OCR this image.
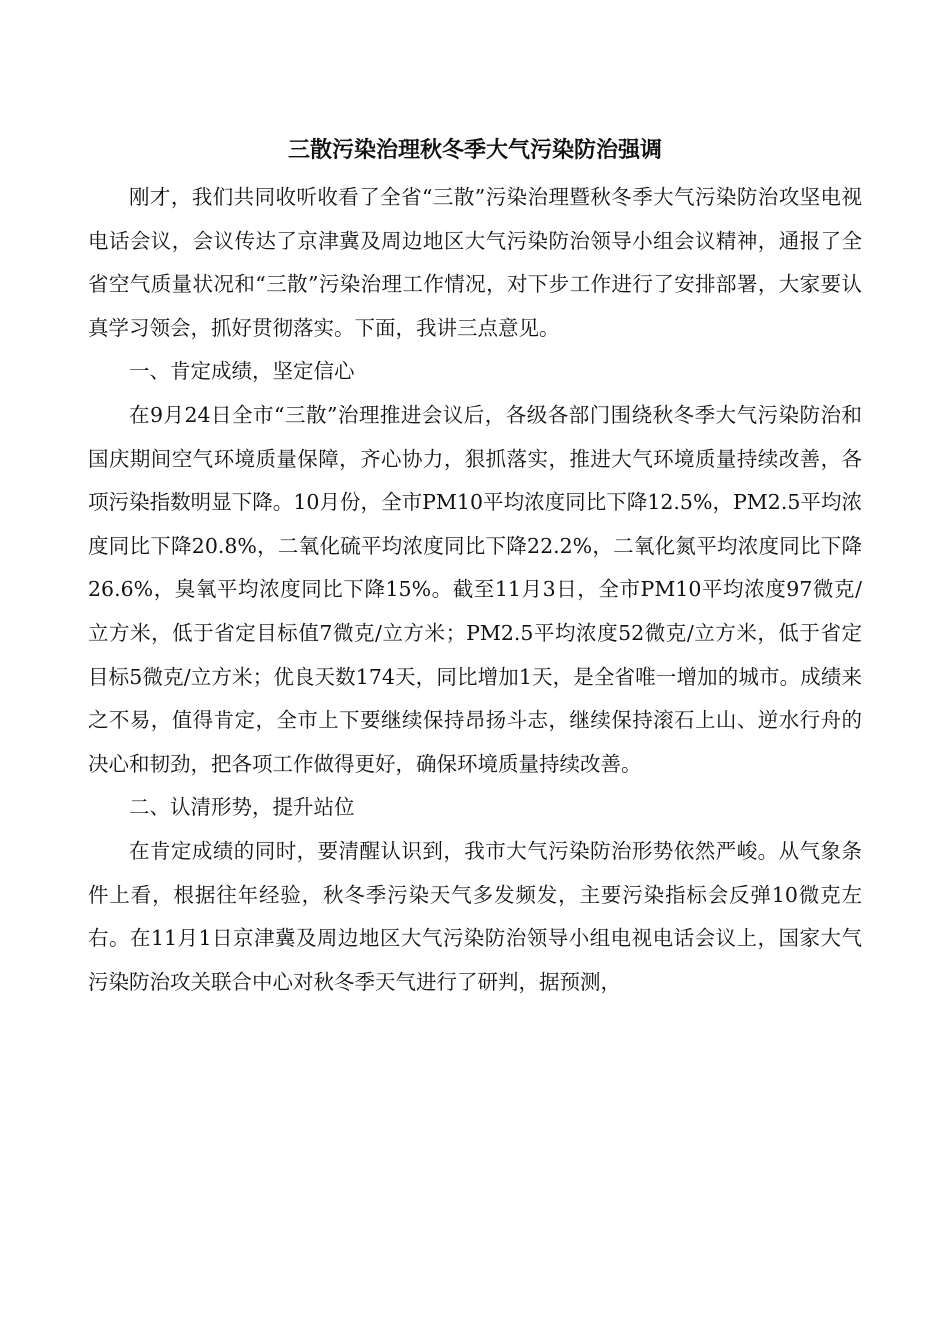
三散污染治理秋冬季大气污染防治强调

刚才，我们共同收听收看了全省“三散”污染治理暨秋冬季大气污染防治攻坚电视电话会议，会议传达了京津冀及周边地区大气污染防治领导小组会议精神，通报了全省空气质量状况和“三散”污染治理工作情况，对下步工作进行了安排部署，大家要认真学习领会，抓好贯彻落实。下面，我讲三点意见。

一、肯定成绩，坚定信心

在9月24日全市“三散”治理推进会议后，各级各部门围绕秋冬季大气污染防治和国庆期间空气环境质量保障，齐心协力，狠抓落实，推进大气环境质量持续改善，各项污染指数明显下降。10月份，全市PM10平均浓度同比下降12.5%，PM2.5平均浓度同比下降20.8%，二氧化硫平均浓度同比下降22.2%，二氧化氮平均浓度同比下降26.6%，臭氧平均浓度同比下降15%。截至11月3日，全市PM10平均浓度97微克/立方米，低于省定目标值7微克/立方米；PM2.5平均浓度52微克/立方米，低于省定目标5微克/立方米；优良天数174天，同比增加1天，是全省唯一增加的城市。成绩来之不易，值得肯定，全市上下要继续保持昂扬斗志，继续保持滚石上山、逆水行舟的决心和韧劲，把各项工作做得更好，确保环境质量持续改善。

二、认清形势，提升站位

在肯定成绩的同时，要清醒认识到，我市大气污染防治形势依然严峻。从气象条件上看，根据往年经验，秋冬季污染天气多发频发，主要污染指标会反弹10微克左右。在11月1日京津冀及周边地区大气污染防治领导小组电视电话会议上，国家大气污染防治攻关联合中心对秋冬季天气进行了研判，据预测，
